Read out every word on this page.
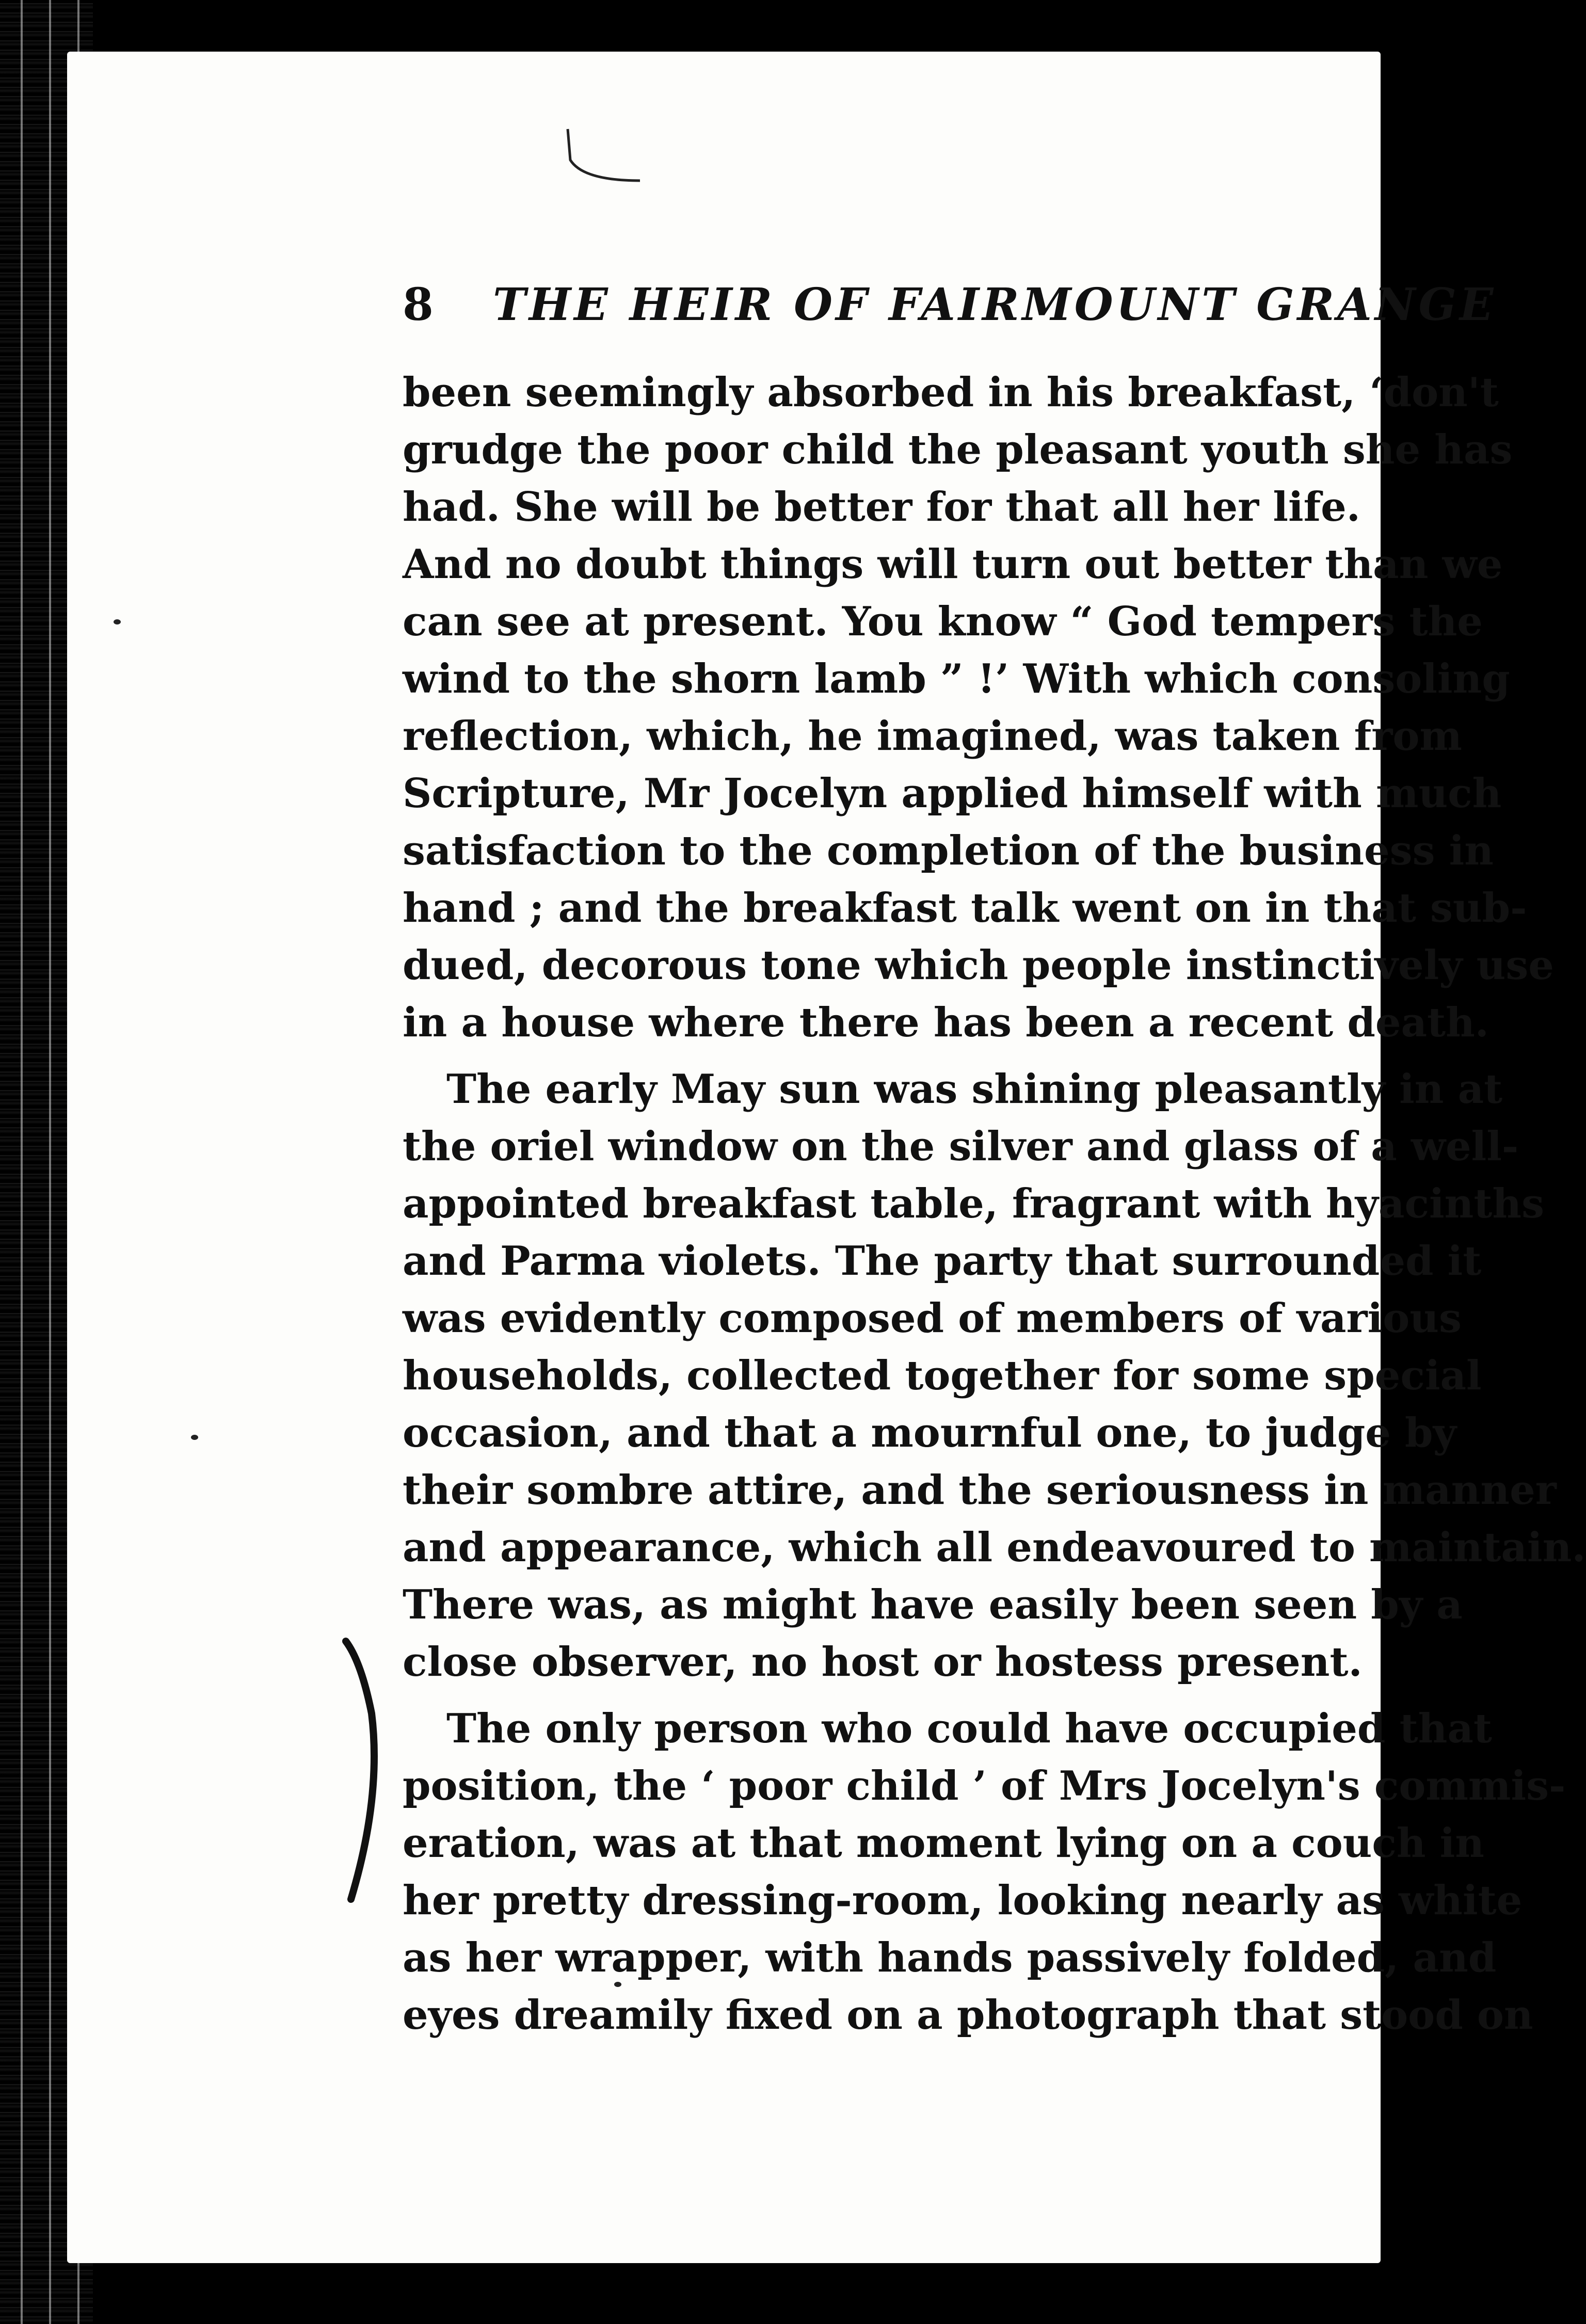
8 THE HEIR OF FAIRMOUNT GRANGE
been seemingly absorbed in his breakfast, ‘don't
grudge the poor child the pleasant youth she has
had. She will be better for that all her life.
And no doubt things will turn out better than we
can see at present. You know “ God tempers the
wind to the shorn lamb ” !’ With which consoling
reflection, which, he imagined, was taken from
Scripture, Mr Jocelyn applied himself with much
satisfaction to the completion of the business in
hand ; and the breakfast talk went on in that sub-
dued, decorous tone which people instinctively use
in a house where there has been a recent death.
The early May sun was shining pleasantly in at
the oriel window on the silver and glass of a well-
appointed breakfast table, fragrant with hyacinths
and Parma violets. The party that surrounded it
was evidently composed of members of various
households, collected together for some special
occasion, and that a mournful one, to judge by
their sombre attire, and the seriousness in manner
and appearance, which all endeavoured to maintain.
There was, as might have easily been seen by a
close observer, no host or hostess present.
The only person who could have occupied that
position, the ‘ poor child ’ of Mrs Jocelyn's commis-
eration, was at that moment lying on a couch in
her pretty dressing-room, looking nearly as white
as her wrapper, with hands passively folded, and
eyes dreamily fixed on a photograph that stood on
